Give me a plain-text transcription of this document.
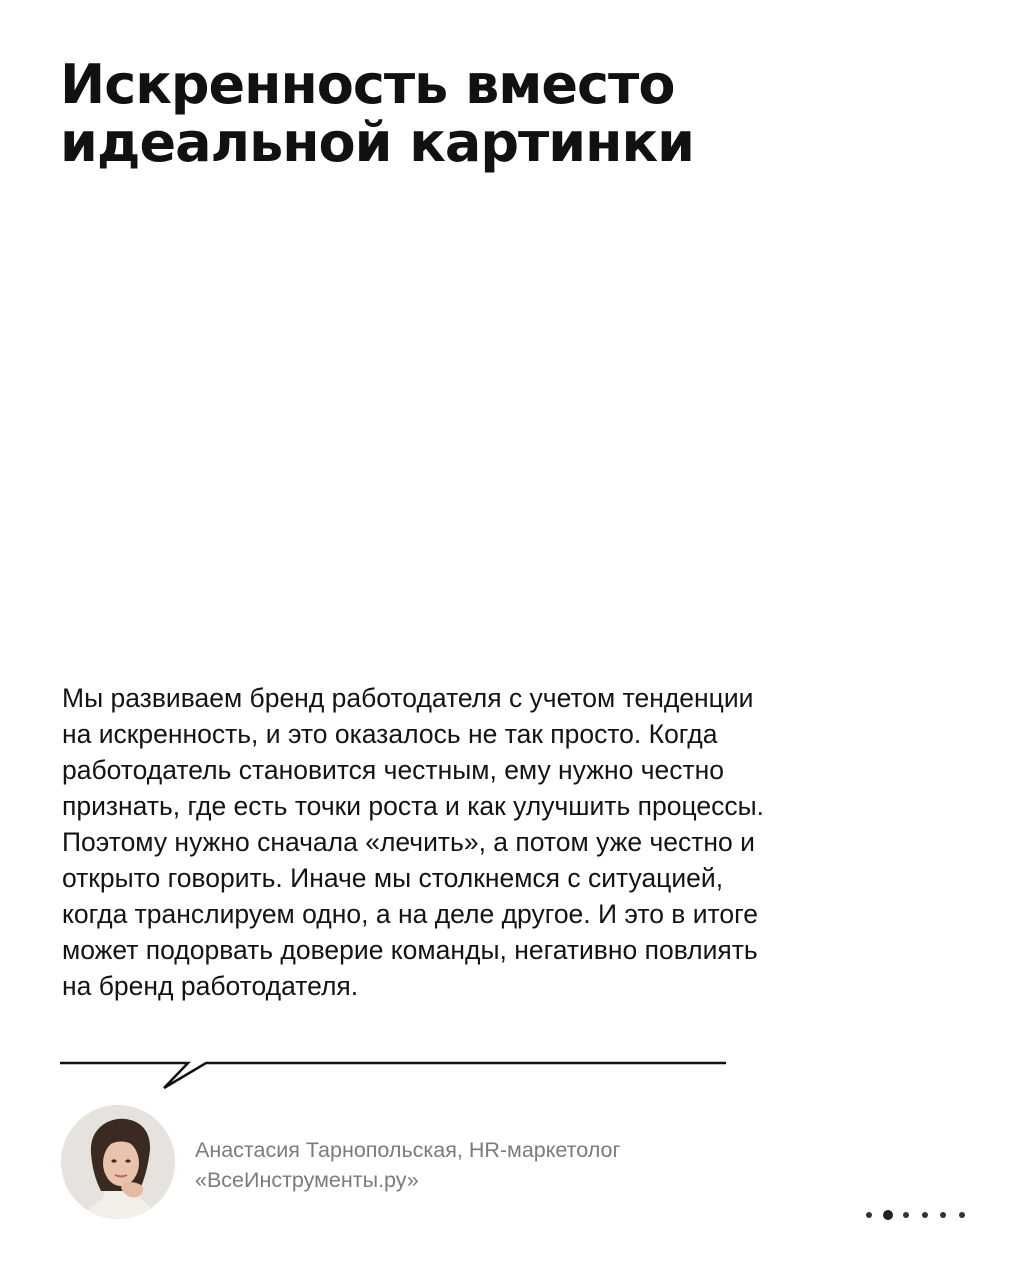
Искренность вместо
идеальной картинки
Мы развиваем бренд работодателя с учетом тенденции
на искренность, и это оказалось не так просто. Когда
работодатель становится честным, ему нужно честно
признать, где есть точки роста и как улучшить процессы.
Поэтому нужно сначала «лечить», а потом уже честно и
открыто говорить. Иначе мы столкнемся с ситуацией,
когда транслируем одно, а на деле другое. И это в итоге
может подорвать доверие команды, негативно повлиять
на бренд работодателя.
Анастасия Тарнопольская, HR-маркетолог
«ВсеИнструменты.ру»
